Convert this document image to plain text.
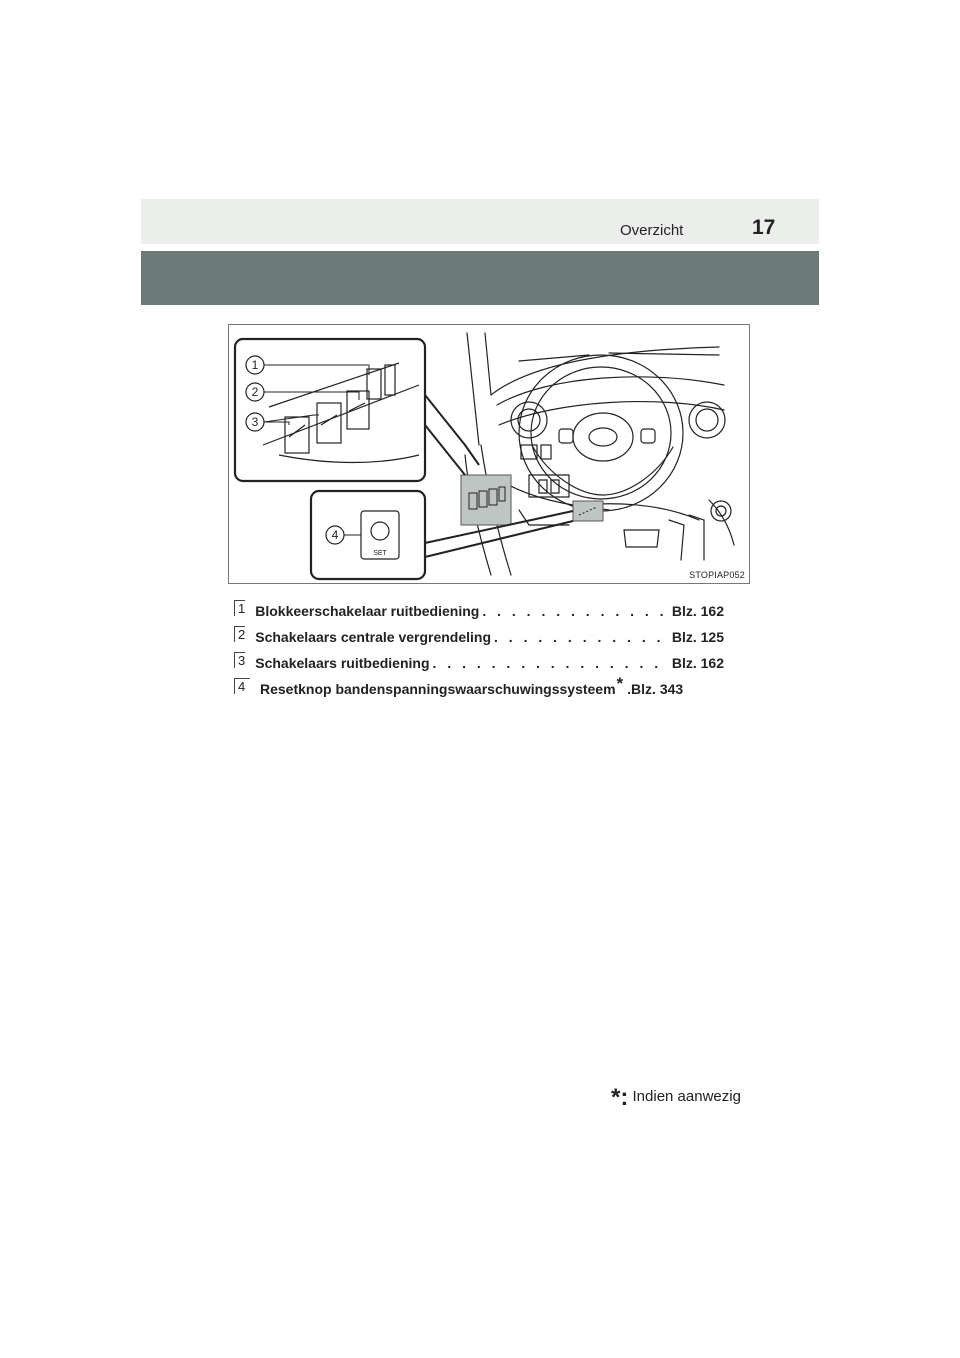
Overzicht	17
1
2
3
SET
4
STOPIAP052
1 Blokkeerschakelaar ruitbediening . . .	Blz. 162
2 Schakelaars centrale vergrendeling . . .	Blz. 125
3 Schakelaars ruitbediening . . .	Blz. 162
4	Resetknop bandenspanningswaarschuwingssysteem * .Blz. 343
*: Indien aanwezig
